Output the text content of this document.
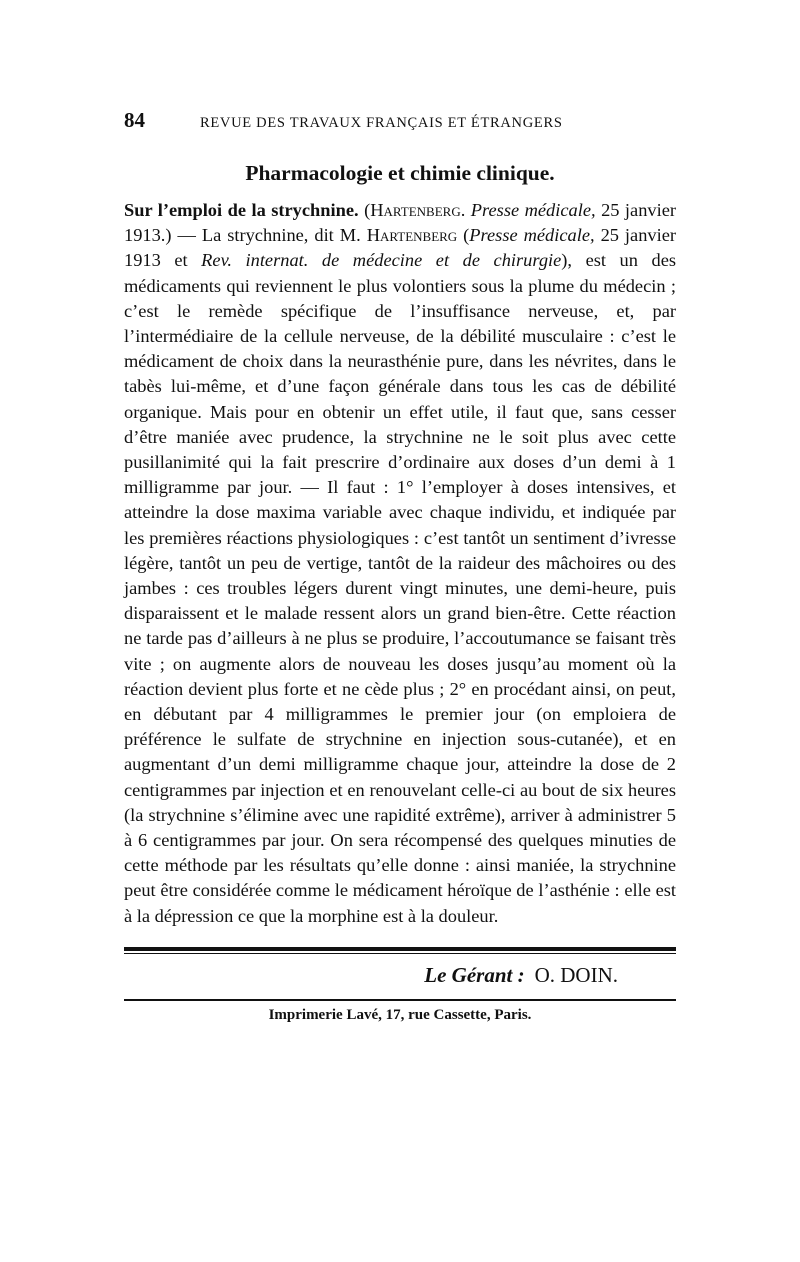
84	REVUE DES TRAVAUX FRANÇAIS ET ÉTRANGERS
Pharmacologie et chimie clinique.
Sur l’emploi de la strychnine. (Hartenberg. Presse médicale, 25 janvier 1913.) — La strychnine, dit M. Hartenberg (Presse médicale, 25 janvier 1913 et Rev. internat. de médecine et de chirurgie), est un des médicaments qui reviennent le plus volontiers sous la plume du médecin ; c’est le remède spécifique de l’insuffisance nerveuse, et, par l’intermédiaire de la cellule nerveuse, de la débilité musculaire : c’est le médicament de choix dans la neurasthénie pure, dans les névrites, dans le tabès lui-même, et d’une façon générale dans tous les cas de débilité organique. Mais pour en obtenir un effet utile, il faut que, sans cesser d’être maniée avec prudence, la strychnine ne le soit plus avec cette pusillanimité qui la fait prescrire d’ordinaire aux doses d’un demi à 1 milligramme par jour. — Il faut : 1° l’employer à doses intensives, et atteindre la dose maxima variable avec chaque individu, et indiquée par les premières réactions physiologiques : c’est tantôt un sentiment d’ivresse légère, tantôt un peu de vertige, tantôt de la raideur des mâchoires ou des jambes : ces troubles légers durent vingt minutes, une demi-heure, puis disparaissent et le malade ressent alors un grand bien-être. Cette réaction ne tarde pas d’ailleurs à ne plus se produire, l’accoutumance se faisant très vite ; on augmente alors de nouveau les doses jusqu’au moment où la réaction devient plus forte et ne cède plus ; 2° en procédant ainsi, on peut, en débutant par 4 milligrammes le premier jour (on emploiera de préférence le sulfate de strychnine en injection sous-cutanée), et en augmentant d’un demi milligramme chaque jour, atteindre la dose de 2 centigrammes par injection et en renouvelant celle-ci au bout de six heures (la strychnine s’élimine avec une rapidité extrême), arriver à administrer 5 à 6 centigrammes par jour. On sera récompensé des quelques minuties de cette méthode par les résultats qu’elle donne : ainsi maniée, la strychnine peut être considérée comme le médicament héroïque de l’asthénie : elle est à la dépression ce que la morphine est à la douleur.
Le Gérant : O. DOIN.
Imprimerie Lavé, 17, rue Cassette, Paris.
